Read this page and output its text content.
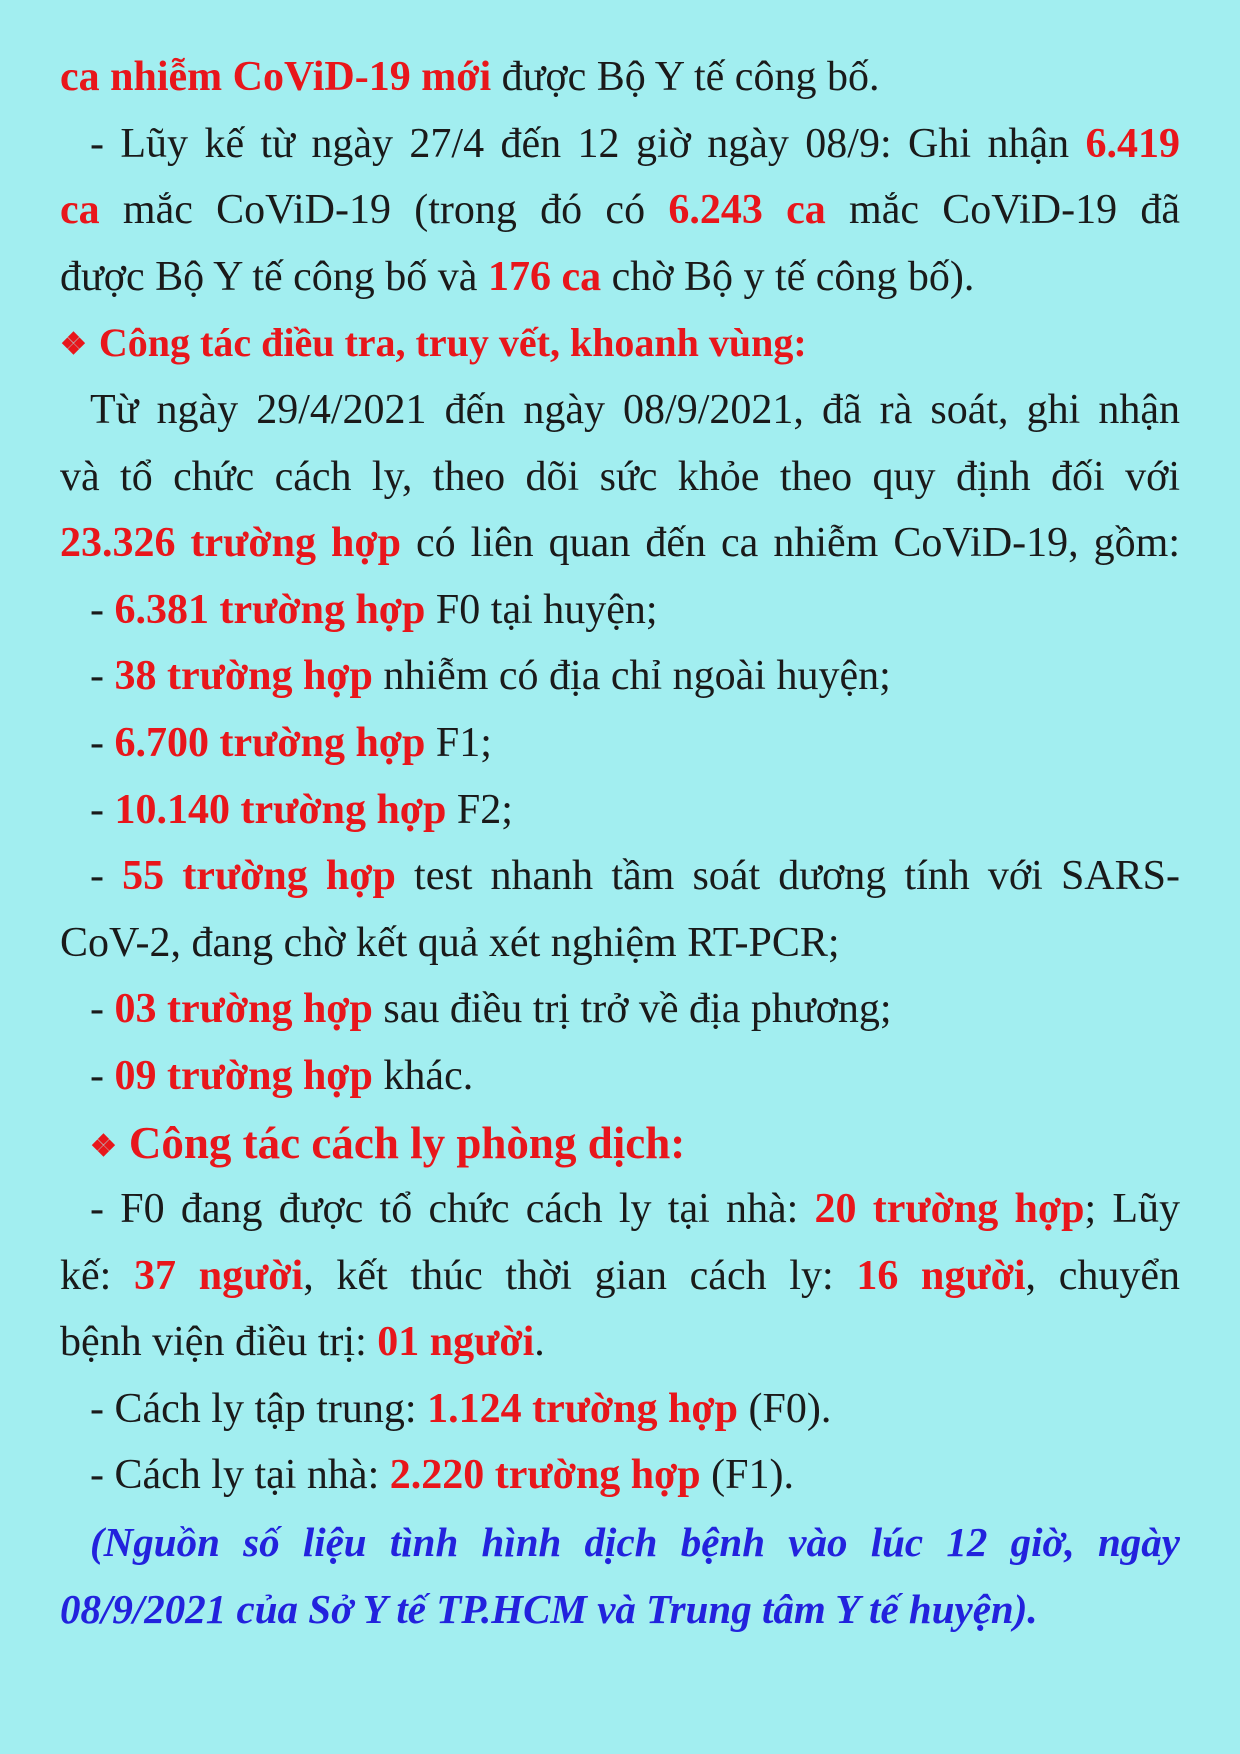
ca nhiễm CoViD-19 mới được Bộ Y tế công bố.
- Lũy kế từ ngày 27/4 đến 12 giờ ngày 08/9: Ghi nhận 6.419
ca mắc CoViD-19 (trong đó có 6.243 ca mắc CoViD-19 đã
được Bộ Y tế công bố và 176 ca chờ Bộ y tế công bố).
❖ Công tác điều tra, truy vết, khoanh vùng:
Từ ngày 29/4/2021 đến ngày 08/9/2021, đã rà soát, ghi nhận
và tổ chức cách ly, theo dõi sức khỏe theo quy định đối với
23.326 trường hợp có liên quan đến ca nhiễm CoViD-19, gồm:
- 6.381 trường hợp F0 tại huyện;
- 38 trường hợp nhiễm có địa chỉ ngoài huyện;
- 6.700 trường hợp F1;
- 10.140 trường hợp F2;
- 55 trường hợp test nhanh tầm soát dương tính với SARS-
CoV-2, đang chờ kết quả xét nghiệm RT-PCR;
- 03 trường hợp sau điều trị trở về địa phương;
- 09 trường hợp khác.
❖ Công tác cách ly phòng dịch:
- F0 đang được tổ chức cách ly tại nhà: 20 trường hợp; Lũy
kế: 37 người, kết thúc thời gian cách ly: 16 người, chuyển
bệnh viện điều trị: 01 người.
- Cách ly tập trung: 1.124 trường hợp (F0).
- Cách ly tại nhà: 2.220 trường hợp (F1).
(Nguồn số liệu tình hình dịch bệnh vào lúc 12 giờ, ngày
08/9/2021 của Sở Y tế TP.HCM và Trung tâm Y tế huyện).
